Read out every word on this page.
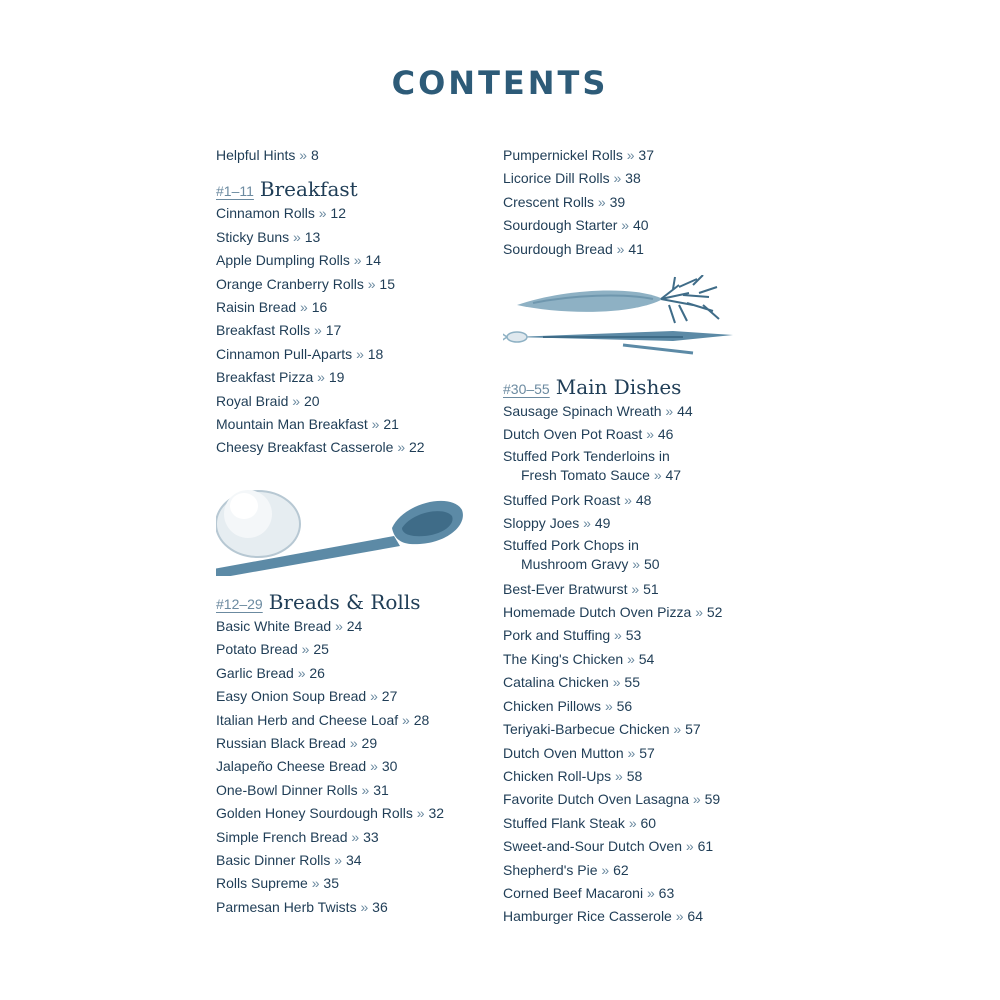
CONTENTS
Helpful Hints » 8
#1–11 Breakfast
Cinnamon Rolls » 12
Sticky Buns » 13
Apple Dumpling Rolls » 14
Orange Cranberry Rolls » 15
Raisin Bread » 16
Breakfast Rolls » 17
Cinnamon Pull-Aparts » 18
Breakfast Pizza » 19
Royal Braid » 20
Mountain Man Breakfast » 21
Cheesy Breakfast Casserole » 22
#12–29 Breads & Rolls
Basic White Bread » 24
Potato Bread » 25
Garlic Bread » 26
Easy Onion Soup Bread » 27
Italian Herb and Cheese Loaf » 28
Russian Black Bread » 29
Jalapeño Cheese Bread » 30
One-Bowl Dinner Rolls » 31
Golden Honey Sourdough Rolls » 32
Simple French Bread » 33
Basic Dinner Rolls » 34
Rolls Supreme » 35
Parmesan Herb Twists » 36
Pumpernickel Rolls » 37
Licorice Dill Rolls » 38
Crescent Rolls » 39
Sourdough Starter » 40
Sourdough Bread » 41
#30–55 Main Dishes
Sausage Spinach Wreath » 44
Dutch Oven Pot Roast » 46
Stuffed Pork Tenderloins in
Fresh Tomato Sauce » 47
Stuffed Pork Roast » 48
Sloppy Joes » 49
Stuffed Pork Chops in
Mushroom Gravy » 50
Best-Ever Bratwurst » 51
Homemade Dutch Oven Pizza » 52
Pork and Stuffing » 53
The King's Chicken » 54
Catalina Chicken » 55
Chicken Pillows » 56
Teriyaki-Barbecue Chicken » 57
Dutch Oven Mutton » 57
Chicken Roll-Ups » 58
Favorite Dutch Oven Lasagna » 59
Stuffed Flank Steak » 60
Sweet-and-Sour Dutch Oven » 61
Shepherd's Pie » 62
Corned Beef Macaroni » 63
Hamburger Rice Casserole » 64
